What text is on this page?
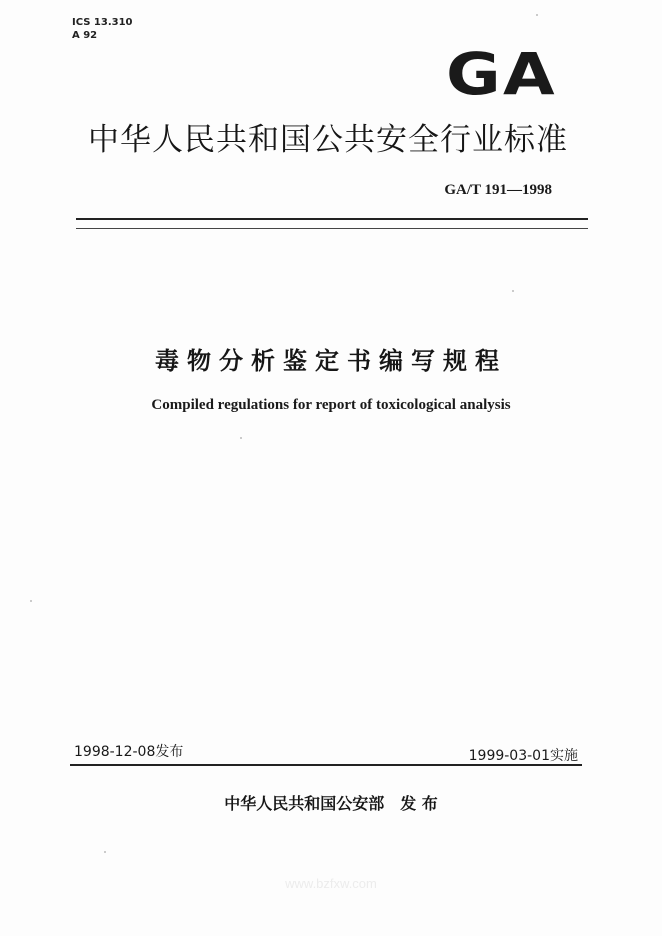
ICS 13.310
A 92
GA
中华人民共和国公共安全行业标准
GA/T 191—1998
毒物分析鉴定书编写规程
Compiled regulations for report of toxicological analysis
1998-12-08发布	1999-03-01实施
中华人民共和国公安部 发 布
www.bzfxw.com
